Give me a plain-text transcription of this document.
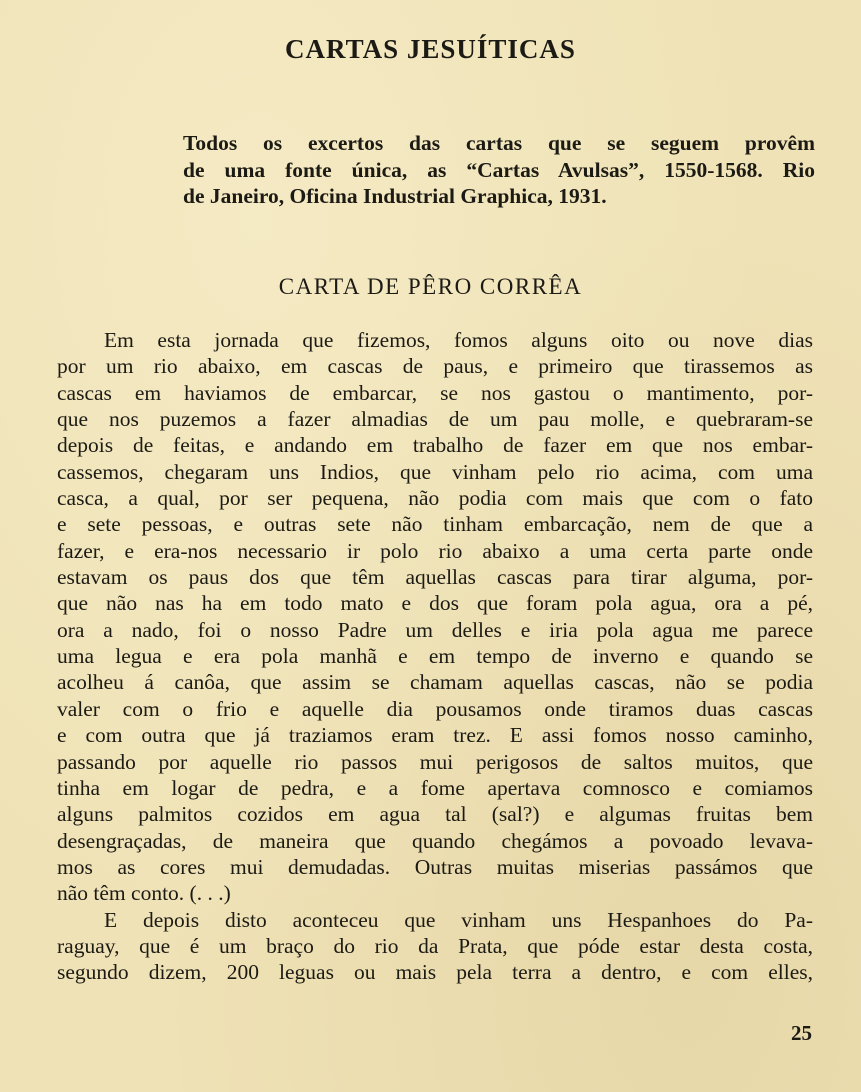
CARTAS JESUÍTICAS

Todos os excertos das cartas que se seguem provêm
de uma fonte única, as “Cartas Avulsas”, 1550-1568. Rio
de Janeiro, Oficina Industrial Graphica, 1931.

CARTA DE PÊRO CORRÊA

Em esta jornada que fizemos, fomos alguns oito ou nove dias
por um rio abaixo, em cascas de paus, e primeiro que tirassemos as
cascas em haviamos de embarcar, se nos gastou o mantimento, por-
que nos puzemos a fazer almadias de um pau molle, e quebraram-se
depois de feitas, e andando em trabalho de fazer em que nos embar-
cassemos, chegaram uns Indios, que vinham pelo rio acima, com uma
casca, a qual, por ser pequena, não podia com mais que com o fato
e sete pessoas, e outras sete não tinham embarcação, nem de que a
fazer, e era-nos necessario ir polo rio abaixo a uma certa parte onde
estavam os paus dos que têm aquellas cascas para tirar alguma, por-
que não nas ha em todo mato e dos que foram pola agua, ora a pé,
ora a nado, foi o nosso Padre um delles e iria pola agua me parece
uma legua e era pola manhã e em tempo de inverno e quando se
acolheu á canôa, que assim se chamam aquellas cascas, não se podia
valer com o frio e aquelle dia pousamos onde tiramos duas cascas
e com outra que já traziamos eram trez. E assi fomos nosso caminho,
passando por aquelle rio passos mui perigosos de saltos muitos, que
tinha em logar de pedra, e a fome apertava comnosco e comiamos
alguns palmitos cozidos em agua tal (sal?) e algumas fruitas bem
desengraçadas, de maneira que quando chegámos a povoado levava-
mos as cores mui demudadas. Outras muitas miserias passámos que
não têm conto. (. . .)
E depois disto aconteceu que vinham uns Hespanhoes do Pa-
raguay, que é um braço do rio da Prata, que póde estar desta costa,
segundo dizem, 200 leguas ou mais pela terra a dentro, e com elles,

25
